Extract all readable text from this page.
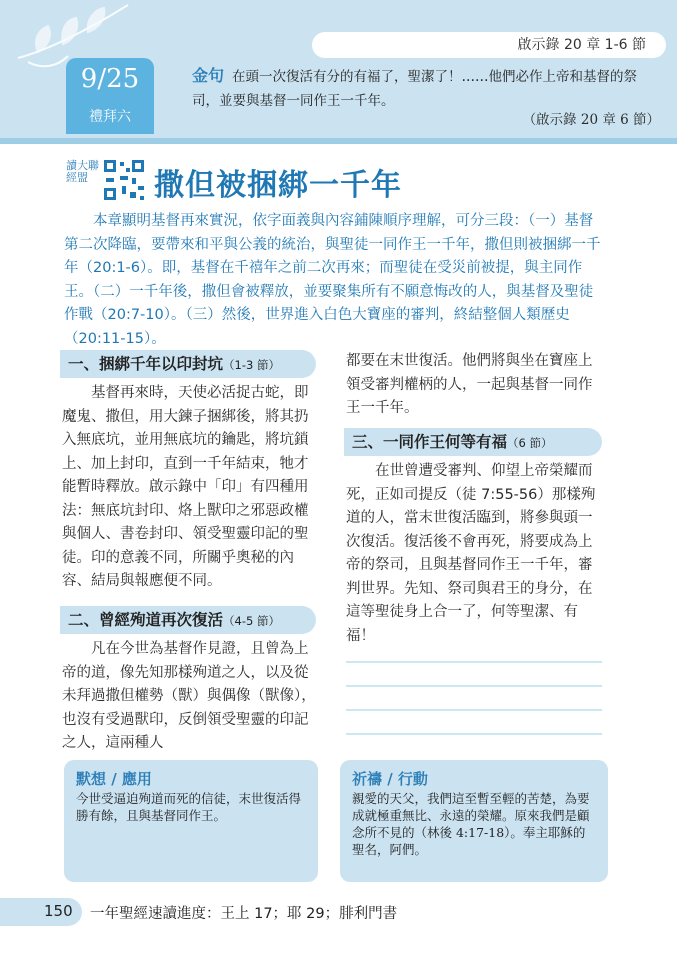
啟示錄 20 章 1-6 節
9/25
禮拜六
金句 在頭一次復活有分的有福了，聖潔了！……他們必作上帝和基督的祭司，並要與基督一同作王一千年。
（啟示錄 20 章 6 節）
讀大聯經盟	撒但被捆綁一千年
本章顯明基督再來實況，依字面義與內容鋪陳順序理解，可分三段：（一）基督第二次降臨，要帶來和平與公義的統治，與聖徒一同作王一千年，撒但則被捆綁一千年（20:1-6）。即，基督在千禧年之前二次再來；而聖徒在受災前被提，與主同作王。（二）一千年後，撒但會被釋放，並要聚集所有不願意悔改的人，與基督及聖徒作戰（20:7-10）。（三）然後，世界進入白色大寶座的審判，終結整個人類歷史（20:11-15）。
一、捆綁千年以印封坑（1-3 節）
基督再來時，天使必活捉古蛇，即魔鬼、撒但，用大鍊子捆綁後，將其扔入無底坑，並用無底坑的鑰匙，將坑鎖上、加上封印，直到一千年結束，牠才能暫時釋放。啟示錄中「印」有四種用法：無底坑封印、烙上獸印之邪惡政權與個人、書卷封印、領受聖靈印記的聖徒。印的意義不同，所關乎奧秘的內容、結局與報應便不同。
二、曾經殉道再次復活（4-5 節）
凡在今世為基督作見證，且曾為上帝的道，像先知那樣殉道之人，以及從未拜過撒但權勢（獸）與偶像（獸像），也沒有受過獸印，反倒領受聖靈的印記之人，這兩種人
都要在末世復活。他們將與坐在寶座上領受審判權柄的人，一起與基督一同作王一千年。
三、一同作王何等有福（6 節）
在世曾遭受審判、仰望上帝榮耀而死，正如司提反（徒 7:55-56）那樣殉道的人，當末世復活臨到，將參與頭一次復活。復活後不會再死，將要成為上帝的祭司，且與基督同作王一千年，審判世界。先知、祭司與君王的身分，在這等聖徒身上合一了，何等聖潔、有福！
默想 / 應用
今世受逼迫殉道而死的信徒，末世復活得勝有餘，且與基督同作王。
祈禱 / 行動
親愛的天父，我們這至暫至輕的苦楚，為要成就極重無比、永遠的榮耀。原來我們是顧念所不見的（林後 4:17-18）。奉主耶穌的聖名，阿們。
150 一年聖經速讀進度：王上 17；耶 29；腓利門書
